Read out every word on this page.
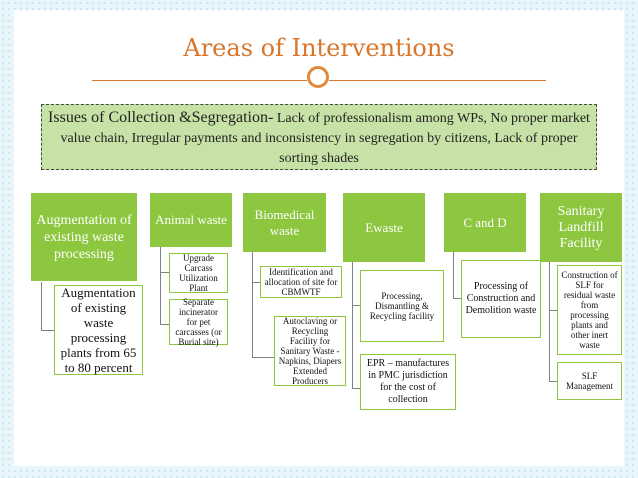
Areas of Interventions
Issues of Collection &Segregation- Lack of professionalism among WPs, No proper market value chain, Irregular payments and inconsistency in segregation by citizens, Lack of proper sorting shades
Augmentation of existing waste processing
Animal waste	Biomedical waste	Ewaste	C and D
Sanitary Landfill Facility
Augmentation of existing waste processing plants from 65 to 80 percent
Upgrade Carcass Utilization Plant
Separate incinerator for pet carcasses (or Burial site)
Identification and allocation of site for CBMWTF
Autoclaving or Recycling Facility for Sanitary Waste - Napkins, Diapers Extended Producers
Processing, Dismantling & Recycling facility
EPR – manufactures in PMC jurisdiction for the cost of collection
Processing of Construction and Demolition waste
Construction of SLF for residual waste from processing plants and other inert waste
SLF Management
